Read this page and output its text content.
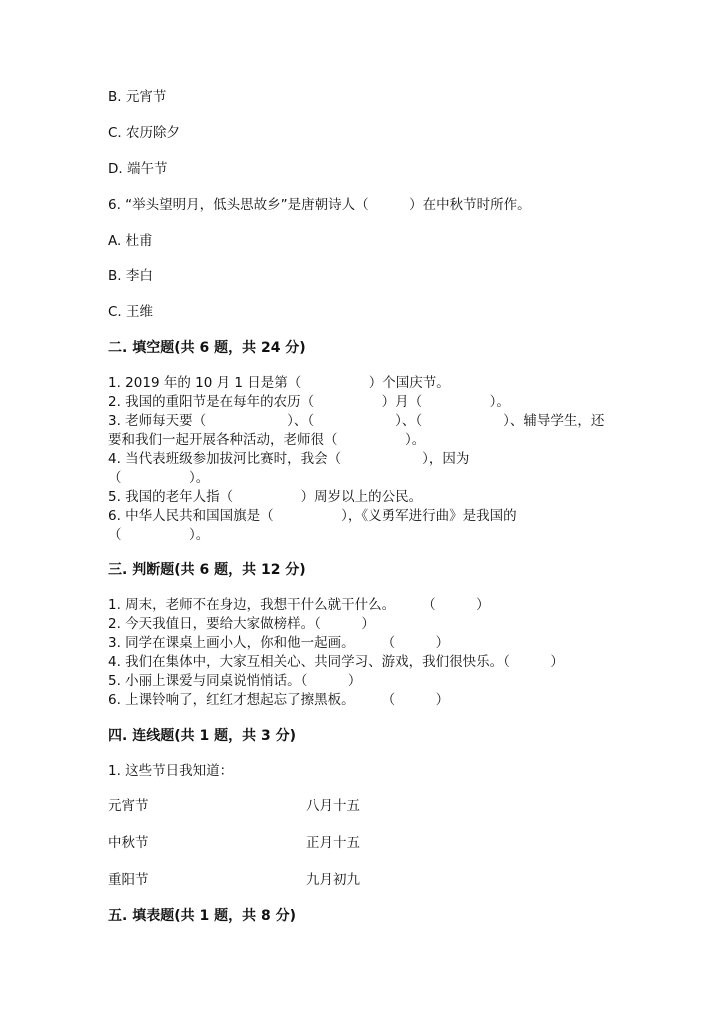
B. 元宵节
C. 农历除夕
D. 端午节
6. “举头望明月，低头思故乡”是唐朝诗人（　　　）在中秋节时所作。
A. 杜甫
B. 李白
C. 王维
二. 填空题(共 6 题，共 24 分)
1. 2019 年的 10 月 1 日是第（　　　　　）个国庆节。
2. 我国的重阳节是在每年的农历（　　　　　）月（　　　　　）。
3. 老师每天要（　　　　　　）、（　　　　　　）、（　　　　　　）、辅导学生，还
要和我们一起开展各种活动，老师很（　　　　　）。
4. 当代表班级参加拔河比赛时，我会（　　　　　　），因为
（　　　　　）。
5. 我国的老年人指（　　　　　）周岁以上的公民。
6. 中华人民共和国国旗是（　　　　　），《义勇军进行曲》是我国的
（　　　　　）。
三. 判断题(共 6 题，共 12 分)
1. 周末，老师不在身边，我想干什么就干什么。　　　（　　　）
2. 今天我值日，要给大家做榜样。（　　　）
3. 同学在课桌上画小人，你和他一起画。　　　（　　　）
4. 我们在集体中，大家互相关心、共同学习、游戏，我们很快乐。（　　　）
5. 小丽上课爱与同桌说悄悄话。（　　　）
6. 上课铃响了，红红才想起忘了擦黑板。　　　（　　　）
四. 连线题(共 1 题，共 3 分)
1. 这些节日我知道：
元宵节	八月十五
中秋节	正月十五
重阳节	九月初九
五. 填表题(共 1 题，共 8 分)
